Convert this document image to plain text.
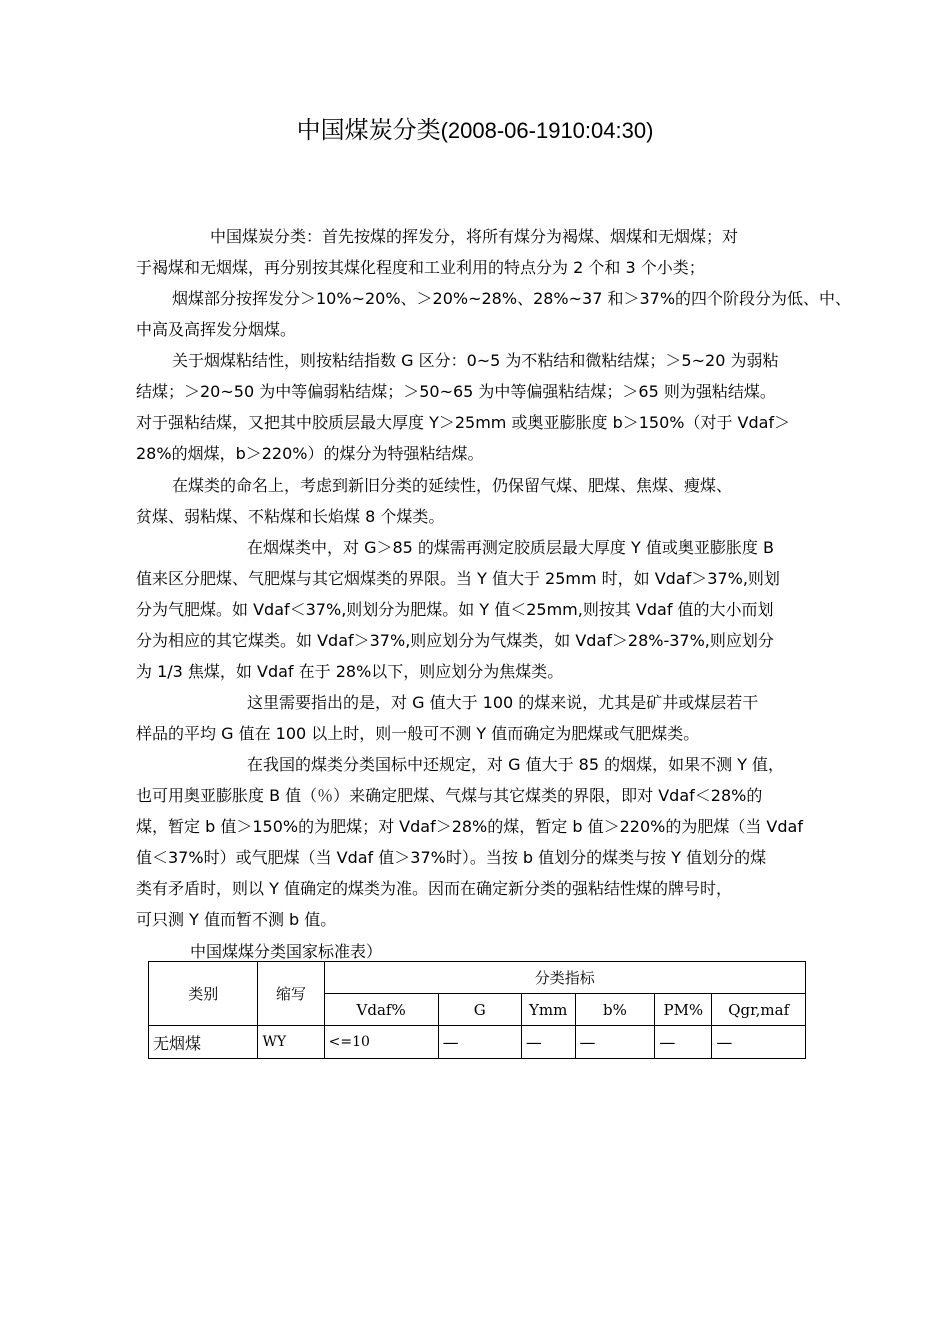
中国煤炭分类(2008-06-1910:04:30)
中国煤炭分类：首先按煤的挥发分，将所有煤分为褐煤、烟煤和无烟煤；对
于褐煤和无烟煤，再分别按其煤化程度和工业利用的特点分为 2 个和 3 个小类；
烟煤部分按挥发分＞10%~20%、＞20%~28%、28%~37 和＞37%的四个阶段分为低、中、
中高及高挥发分烟煤。
关于烟煤粘结性，则按粘结指数 G 区分：0~5 为不粘结和微粘结煤；＞5~20 为弱粘
结煤；＞20~50 为中等偏弱粘结煤；＞50~65 为中等偏强粘结煤；＞65 则为强粘结煤。
对于强粘结煤，又把其中胶质层最大厚度 Y＞25mm 或奥亚膨胀度 b＞150%（对于 Vdaf＞
28%的烟煤，b＞220%）的煤分为特强粘结煤。
在煤类的命名上，考虑到新旧分类的延续性，仍保留气煤、肥煤、焦煤、瘦煤、
贫煤、弱粘煤、不粘煤和长焰煤 8 个煤类。
在烟煤类中，对 G＞85 的煤需再测定胶质层最大厚度 Y 值或奥亚膨胀度 B
值来区分肥煤、气肥煤与其它烟煤类的界限。当 Y 值大于 25mm 时，如 Vdaf＞37%,则划
分为气肥煤。如 Vdaf＜37%,则划分为肥煤。如 Y 值＜25mm,则按其 Vdaf 值的大小而划
分为相应的其它煤类。如 Vdaf＞37%,则应划分为气煤类，如 Vdaf＞28%-37%,则应划分
为 1/3 焦煤，如 Vdaf 在于 28%以下，则应划分为焦煤类。
这里需要指出的是，对 G 值大于 100 的煤来说，尤其是矿井或煤层若干
样品的平均 G 值在 100 以上时，则一般可不测 Y 值而确定为肥煤或气肥煤类。
在我国的煤类分类国标中还规定，对 G 值大于 85 的烟煤，如果不测 Y 值，
也可用奥亚膨胀度 B 值（％）来确定肥煤、气煤与其它煤类的界限，即对 Vdaf＜28%的
煤，暂定 b 值＞150%的为肥煤；对 Vdaf＞28%的煤，暂定 b 值＞220%的为肥煤（当 Vdaf
值＜37%时）或气肥煤（当 Vdaf 值＞37%时）。当按 b 值划分的煤类与按 Y 值划分的煤
类有矛盾时，则以 Y 值确定的煤类为准。因而在确定新分类的强粘结性煤的牌号时，
可只测 Y 值而暂不测 b 值。
中国煤煤分类国家标准表）
类别	缩写	分类指标					
		Vdaf%	G	Ymm	b%	PM%	Qgr,maf
无烟煤	WY	<=10	—	—	—	—	—
